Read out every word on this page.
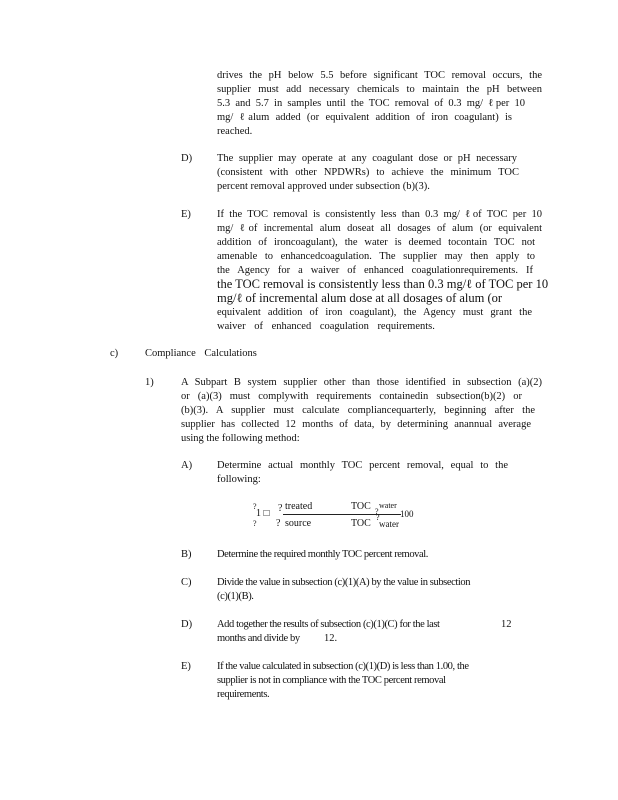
drives the pH below 5.5 before significant TOC removal occurs, the
supplier must add necessary chemicals to maintain the pH between
5.3 and 5.7 in samples until the TOC removal of 0.3 mg/ ℓper 10
mg/ ℓalum added (or equivalent addition of iron coagulant) is
reached.
D) The supplier may operate at any coagulant dose or pH necessary
(consistent with other NPDWRs) to achieve the minimum TOC
percent removal approved under subsection (b)(3).
E) If the TOC removal is consistently less than 0.3 mg/ ℓof TOC per 10
mg/ ℓof incremental alum doseat all dosages of alum (or equivalent
addition of ironcoagulant), the water is deemed tocontain TOC not
amenable to enhancedcoagulation. The supplier may then apply to
the Agency for a waiver of enhanced coagulationrequirements. If
the TOC removal is consistently less than 0.3 mg/ℓ of TOC per 10
mg/ℓ of incremental alum dose at all dosages of alum (or
equivalent addition of iron coagulant), the Agency must grant the
waiver of enhanced coagulation requirements.
c)	Compliance Calculations
1)	A Subpart B system supplier other than those identified in subsection (a)(2)
or (a)(3) must complywith requirements containedin subsection(b)(2) or
(b)(3). A supplier must calculate compliancequarterly, beginning after the
supplier has collected 12 months of data, by determining anannual average
using the following method:
A) Determine actual monthly TOC percent removal, equal to the
following:
?
1 □ ? treated	TOC water
? 100
? ? source	TOC water
?
B) Determine the required monthly TOC percent removal.
C) Divide the value in subsection (c)(1)(A) by the value in subsection
(c)(1)(B).
D) Add together the results of subsection (c)(1)(C) for the last	12
months and divide by 12.
E) If the value calculated in subsection (c)(1)(D) is less than 1.00, the
supplier is not in compliance with the TOC percent removal
requirements.
